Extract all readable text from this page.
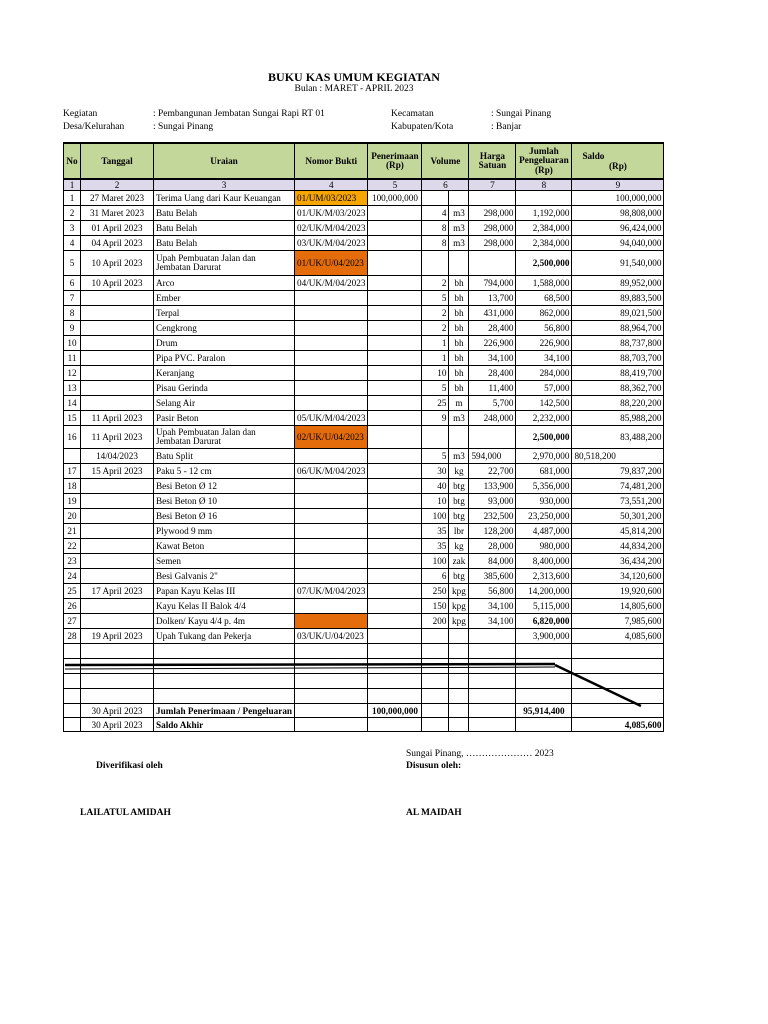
BUKU KAS UMUM KEGIATAN
Bulan : MARET - APRIL 2023
Kegiatan	: Pembangunan Jembatan Sungai Rapi RT 01
Desa/Kelurahan	: Sungai Pinang
Kecamatan	: Sungai Pinang
Kabupaten/Kota	: Banjar
No	Tanggal	Uraian	Nomor Bukti	Penerimaan (Rp)	Volume		Harga Satuan	Jumlah Pengeluaran (Rp)	Saldo
(Rp)

1	2	3	4	5	6		7	8	9
1	27 Maret 2023	Terima Uang dari Kaur Keuangan	01/UM/03/2023	100,000,000					100,000,000
2	31 Maret 2023	Batu Belah	01/UK/M/03/2023		4	m3	298,000	1,192,000	98,808,000
3	01 April 2023	Batu Belah	02/UK/M/04/2023		8	m3	298,000	2,384,000	96,424,000
4	04 April 2023	Batu Belah	03/UK/M/04/2023		8	m3	298,000	2,384,000	94,040,000
5	10 April 2023	Upah Pembuatan Jalan dan Jembatan Darurat	01/UK/U/04/2023					2,500,000	91,540,000
6	10 April 2023	Arco	04/UK/M/04/2023		2	bh	794,000	1,588,000	89,952,000
7		Ember			5	bh	13,700	68,500	89,883,500
8		Terpal			2	bh	431,000	862,000	89,021,500
9		Cengkrong			2	bh	28,400	56,800	88,964,700
10		Drum			1	bh	226,900	226,900	88,737,800
11		Pipa PVC. Paralon			1	bh	34,100	34,100	88,703,700
12		Keranjang			10	bh	28,400	284,000	88,419,700
13		Pisau Gerinda			5	bh	11,400	57,000	88,362,700
14		Selang Air			25	m	5,700	142,500	88,220,200
15	11 April 2023	Pasir Beton	05/UK/M/04/2023		9	m3	248,000	2,232,000	85,988,200
16	11 April 2023	Upah Pembuatan Jalan dan Jembatan Darurat	02/UK/U/04/2023					2,500,000	83,488,200
	14/04/2023	Batu Split			5	m3	594,000	2,970,000	80,518,200
17	15 April 2023	Paku 5 - 12 cm	06/UK/M/04/2023		30	kg	22,700	681,000	79,837,200
18		Besi Beton Ø 12			40	btg	133,900	5,356,000	74,481,200
19		Besi Beton Ø 10			10	btg	93,000	930,000	73,551,200
20		Besi Beton Ø 16			100	btg	232,500	23,250,000	50,301,200
21		Plywood 9 mm			35	lbr	128,200	4,487,000	45,814,200
22		Kawat Beton			35	kg	28,000	980,000	44,834,200
23		Semen			100	zak	84,000	8,400,000	36,434,200
24		Besi Galvanis 2"			6	btg	385,600	2,313,600	34,120,600
25	17 April 2023	Papan Kayu Kelas III	07/UK/M/04/2023		250	kpg	56,800	14,200,000	19,920,600
26		Kayu Kelas II Balok 4/4			150	kpg	34,100	5,115,000	14,805,600
27		Dolken/ Kayu 4/4 p. 4m			200	kpg	34,100	6,820,000	7,985,600
28	19 April 2023	Upah Tukang dan Pekerja	03/UK/U/04/2023					3,900,000	4,085,600

	30 April 2023	Jumlah Penerimaan / Pengeluaran		100,000,000				95,914,400	
	30 April 2023	Saldo Akhir							4,085,600
Sungai Pinang, ………………… 2023
Diverifikasi oleh	Disusun oleh:
LAILATUL AMIDAH	AL MAIDAH
